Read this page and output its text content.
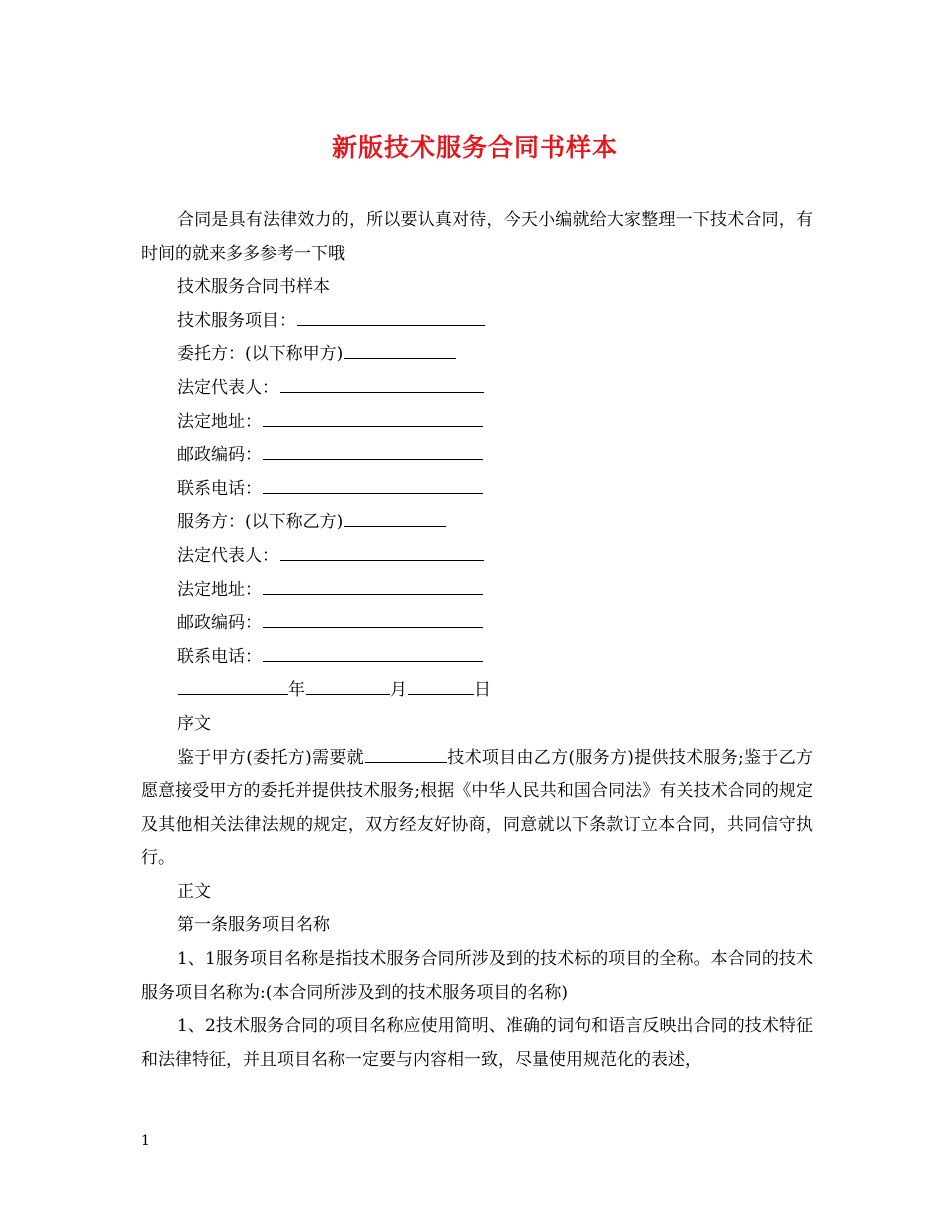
新版技术服务合同书样本

合同是具有法律效力的，所以要认真对待，今天小编就给大家整理一下技术合同，有时间的就来多多参考一下哦

技术服务合同书样本

技术服务项目：

委托方：(以下称甲方)

法定代表人：

法定地址：

邮政编码：

联系电话：

服务方：(以下称乙方)

法定代表人：

法定地址：

邮政编码：

联系电话：

年	月	日

序文

鉴于甲方(委托方)需要就	技术项目由乙方(服务方)提供技术服务;鉴于乙方愿意接受甲方的委托并提供技术服务;根据《中华人民共和国合同法》有关技术合同的规定及其他相关法律法规的规定，双方经友好协商，同意就以下条款订立本合同，共同信守执行。

正文

第一条服务项目名称

1、1服务项目名称是指技术服务合同所涉及到的技术标的项目的全称。本合同的技术服务项目名称为:(本合同所涉及到的技术服务项目的名称)

1、2技术服务合同的项目名称应使用简明、准确的词句和语言反映出合同的技术特征和法律特征，并且项目名称一定要与内容相一致，尽量使用规范化的表述，

1
